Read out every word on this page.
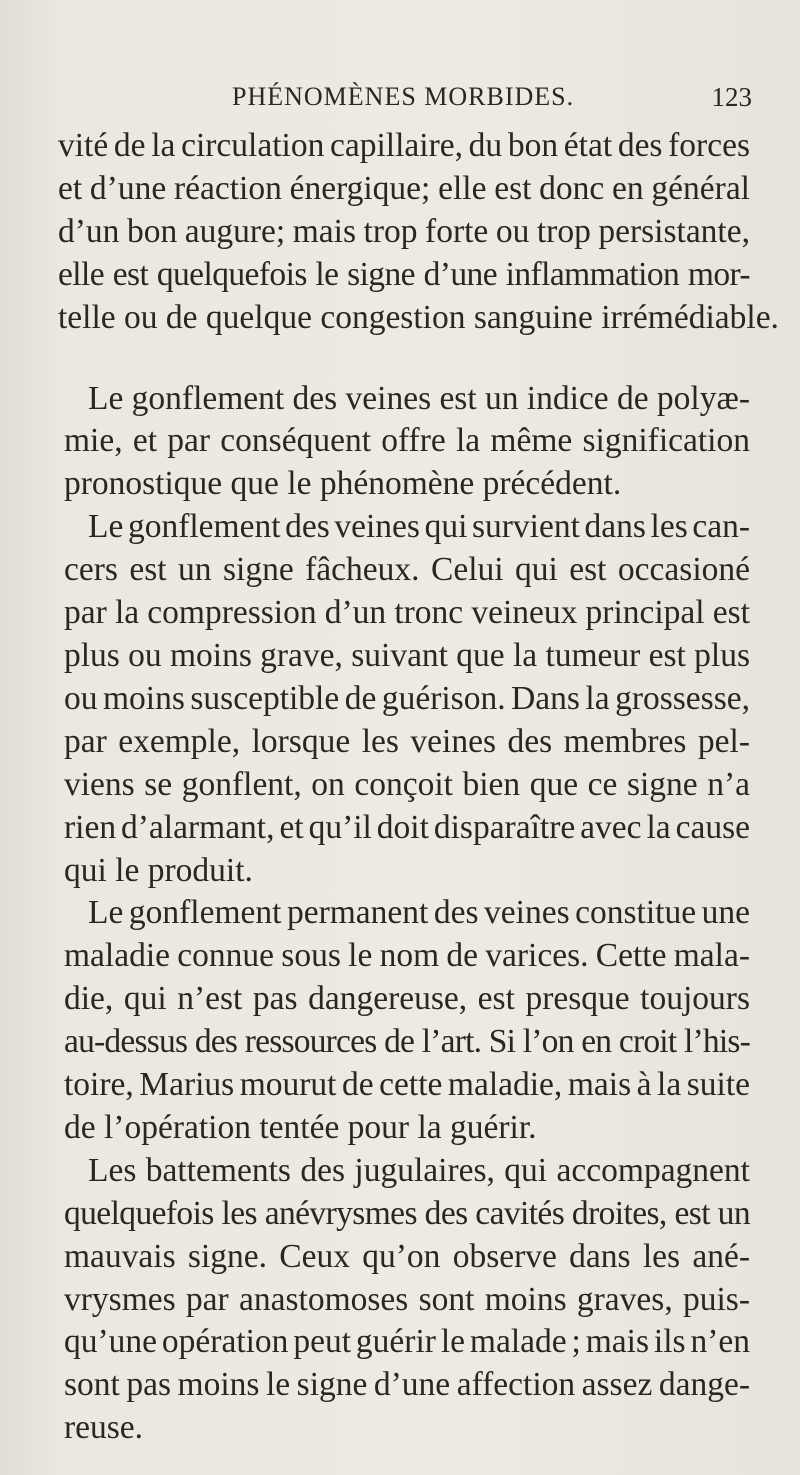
PHÉNOMÈNES MORBIDES.	123
vité de la circulation capillaire, du bon état des forces
et d’une réaction énergique; elle est donc en général
d’un bon augure; mais trop forte ou trop persistante,
elle est quelquefois le signe d’une inflammation mor-
telle ou de quelque congestion sanguine irrémédiable.
Le gonflement des veines est un indice de polyæ-
mie, et par conséquent offre la même signification
pronostique que le phénomène précédent.
Le gonflement des veines qui survient dans les can-
cers est un signe fâcheux. Celui qui est occasioné
par la compression d’un tronc veineux principal est
plus ou moins grave, suivant que la tumeur est plus
ou moins susceptible de guérison. Dans la grossesse,
par exemple, lorsque les veines des membres pel-
viens se gonflent, on conçoit bien que ce signe n’a
rien d’alarmant, et qu’il doit disparaître avec la cause
qui le produit.
Le gonflement permanent des veines constitue une
maladie connue sous le nom de varices. Cette mala-
die, qui n’est pas dangereuse, est presque toujours
au-dessus des ressources de l’art. Si l’on en croit l’his-
toire, Marius mourut de cette maladie, mais à la suite
de l’opération tentée pour la guérir.
Les battements des jugulaires, qui accompagnent
quelquefois les anévrysmes des cavités droites, est un
mauvais signe. Ceux qu’on observe dans les ané-
vrysmes par anastomoses sont moins graves, puis-
qu’une opération peut guérir le malade ; mais ils n’en
sont pas moins le signe d’une affection assez dange-
reuse.
